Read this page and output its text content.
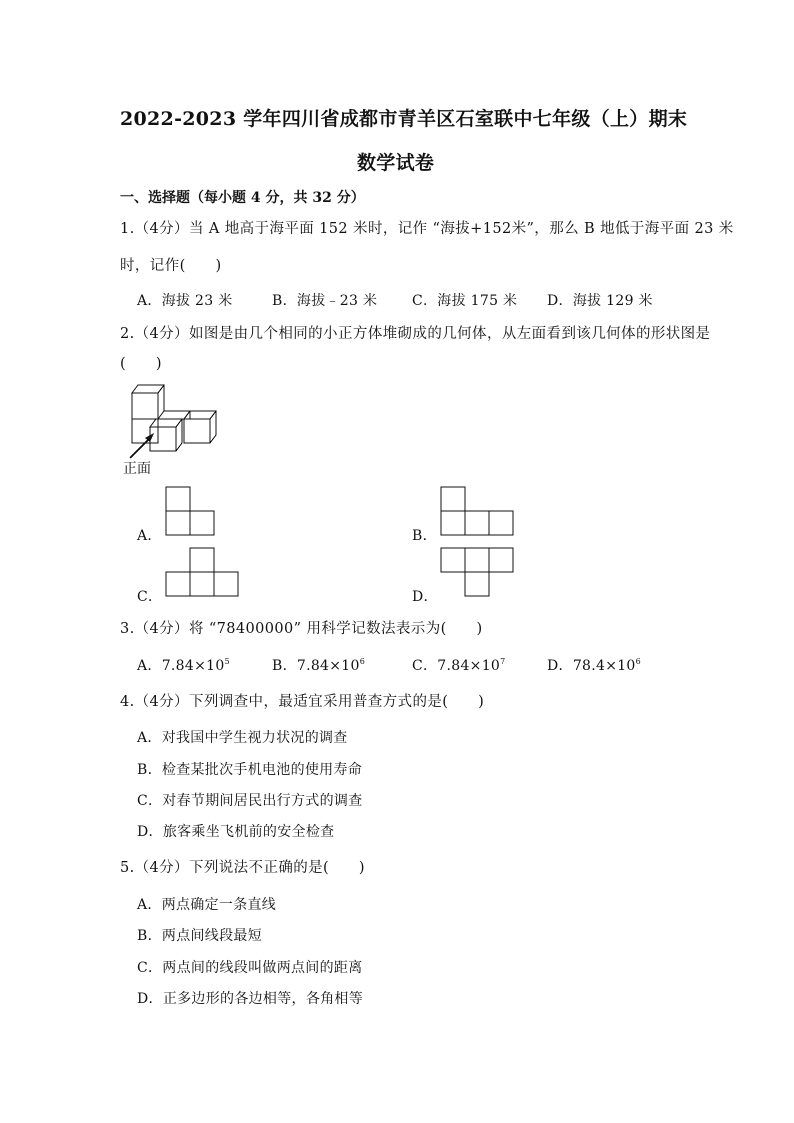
2022-2023 学年四川省成都市青羊区石室联中七年级（上）期末
数学试卷
一、选择题（每小题 4 分，共 32 分）
1.（4分）当 A 地高于海平面 152 米时，记作 “海拔+152米”，那么 B 地低于海平面 23 米
时，记作(　　)
A．海拔 23 米	B．海拔﹣23 米 C．海拔 175 米 D．海拔 129 米
2.（4分）如图是由几个相同的小正方体堆砌成的几何体，从左面看到该几何体的形状图是
(　　)
正面
A．	B．
C．	D．
3.（4分）将 “78400000” 用科学记数法表示为(　　)
A．$7.84\times 10^5$	B．$7.84\times 10^6$	C．$7.84\times 10^7$	D．$78.4\times 10^6$
4.（4分）下列调查中，最适宜采用普查方式的是(　　)
A．对我国中学生视力状况的调查
B．检查某批次手机电池的使用寿命
C．对春节期间居民出行方式的调查
D．旅客乘坐飞机前的安全检查
5.（4分）下列说法不正确的是(　　)
A．两点确定一条直线
B．两点间线段最短
C．两点间的线段叫做两点间的距离
D．正多边形的各边相等，各角相等
